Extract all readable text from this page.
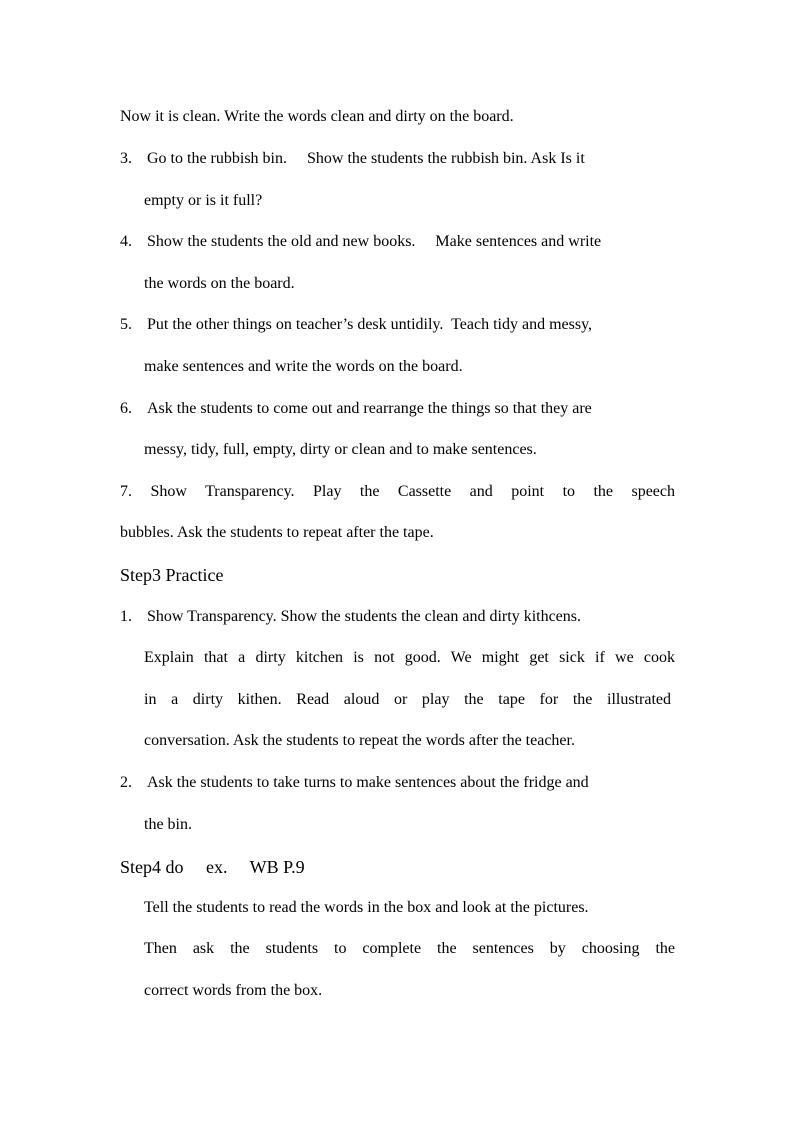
Now it is clean. Write the words clean and dirty on the board.
3. Go to the rubbish bin.     Show the students the rubbish bin. Ask Is it
empty or is it full?
4. Show the students the old and new books.     Make sentences and write
the words on the board.
5. Put the other things on teacher’s desk untidily.  Teach tidy and messy,
make sentences and write the words on the board.
6. Ask the students to come out and rearrange the things so that they are
messy, tidy, full, empty, dirty or clean and to make sentences.
7. Show Transparency. Play the Cassette and point to the speech
bubbles. Ask the students to repeat after the tape.
Step3 Practice
1. Show Transparency. Show the students the clean and dirty kithcens.
Explain that a dirty kitchen is not good. We might get sick if we cook
in a dirty kithen. Read aloud or play the tape for the illustrated
conversation. Ask the students to repeat the words after the teacher.
2. Ask the students to take turns to make sentences about the fridge and
the bin.
Step4 do     ex.     WB P.9
Tell the students to read the words in the box and look at the pictures.
Then ask the students to complete the sentences by choosing the
correct words from the box.
